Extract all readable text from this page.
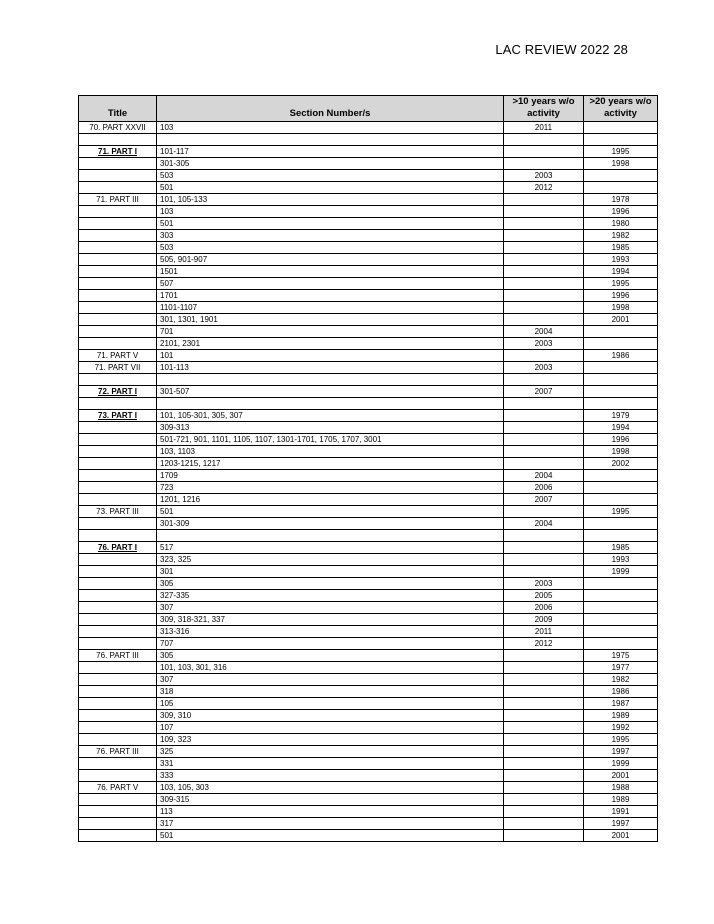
LAC REVIEW 2022 28
Title	Section Number/s	>10 years w/o activity	>20 years w/o activity
70. PART XXVII	103	2011	

71. PART I	101-117		1995
	301-305		1998
	503	2003	
	501	2012	
71. PART III	101, 105-133		1978
	103		1996
	501		1980
	303		1982
	503		1985
	505, 901-907		1993
	1501		1994
	507		1995
	1701		1996
	1101-1107		1998
	301, 1301, 1901		2001
	701	2004	
	2101, 2301	2003	
71. PART V	101		1986
71. PART VII	101-113	2003	

72. PART I	301-507	2007	

73. PART I	101, 105-301, 305, 307		1979
	309-313		1994
	501-721, 901, 1101, 1105, 1107, 1301-1701, 1705, 1707, 3001		1996
	103, 1103		1998
	1203-1215, 1217		2002
	1709	2004	
	723	2006	
	1201, 1216	2007	
73. PART III	501		1995
	301-309	2004	

76. PART I	517		1985
	323, 325		1993
	301		1999
	305	2003	
	327-335	2005	
	307	2006	
	309, 318-321, 337	2009	
	313-316	2011	
	707	2012	
76. PART III	305		1975
	101, 103, 301, 316		1977
	307		1982
	318		1986
	105		1987
	309, 310		1989
	107		1992
	109, 323		1995
76. PART III	325		1997
	331		1999
	333		2001
76. PART V	103, 105, 303		1988
	309-315		1989
	113		1991
	317		1997
	501		2001
